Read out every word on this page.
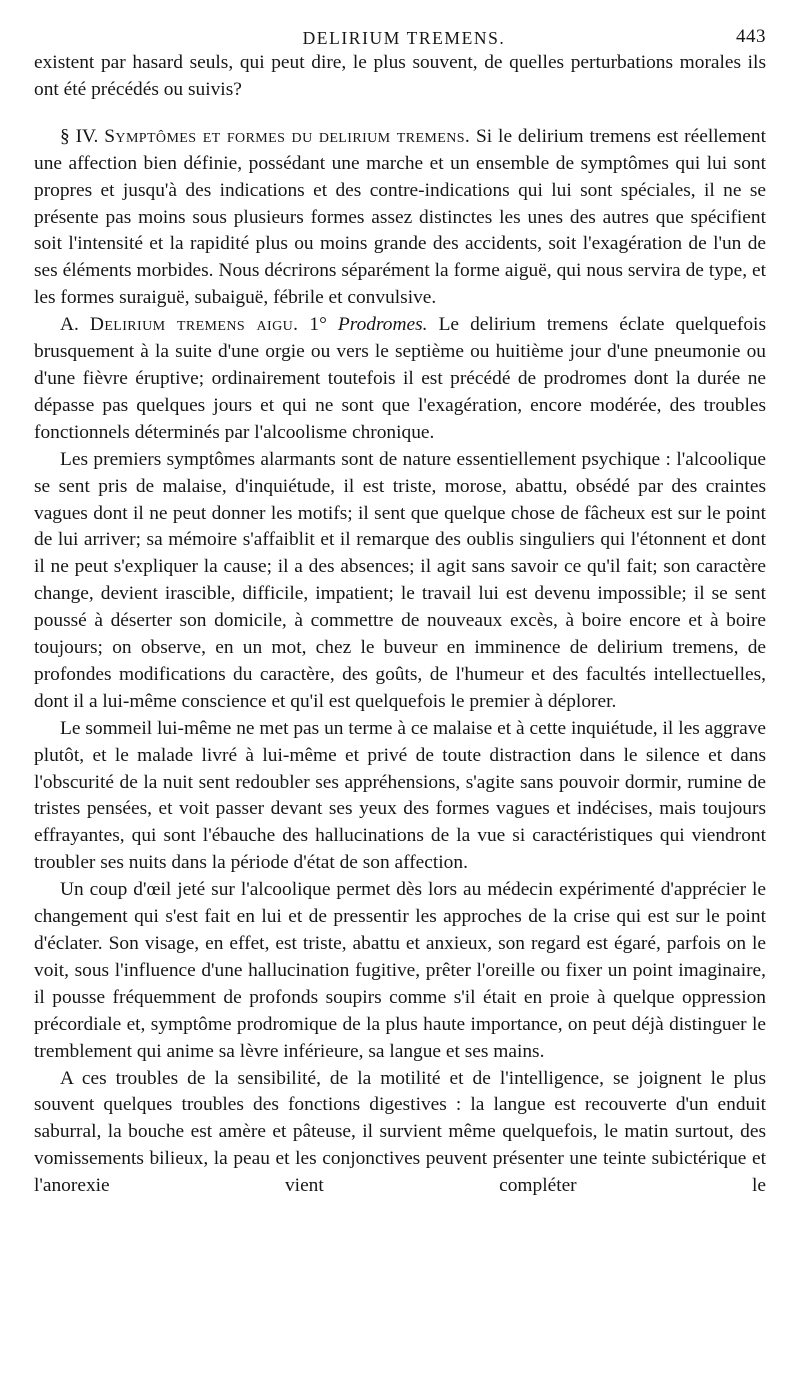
DELIRIUM TREMENS.	443

existent par hasard seuls, qui peut dire, le plus souvent, de quelles perturbations morales ils ont été précédés ou suivis?

§ IV. Symptômes et formes du delirium tremens. Si le delirium tremens est réellement une affection bien définie, possédant une marche et un ensemble de symptômes qui lui sont propres et jusqu'à des indications et des contre-indications qui lui sont spéciales, il ne se présente pas moins sous plusieurs formes assez distinctes les unes des autres que spécifient soit l'intensité et la rapidité plus ou moins grande des accidents, soit l'exagération de l'un de ses éléments morbides. Nous décrirons séparément la forme aiguë, qui nous servira de type, et les formes suraiguë, subaiguë, fébrile et convulsive.

A. Delirium tremens aigu. 1° Prodromes. Le delirium tremens éclate quelquefois brusquement à la suite d'une orgie ou vers le septième ou huitième jour d'une pneumonie ou d'une fièvre éruptive; ordinairement toutefois il est précédé de prodromes dont la durée ne dépasse pas quelques jours et qui ne sont que l'exagération, encore modérée, des troubles fonctionnels déterminés par l'alcoolisme chronique.

Les premiers symptômes alarmants sont de nature essentiellement psychique : l'alcoolique se sent pris de malaise, d'inquiétude, il est triste, morose, abattu, obsédé par des craintes vagues dont il ne peut donner les motifs; il sent que quelque chose de fâcheux est sur le point de lui arriver; sa mémoire s'affaiblit et il remarque des oublis singuliers qui l'étonnent et dont il ne peut s'expliquer la cause; il a des absences; il agit sans savoir ce qu'il fait; son caractère change, devient irascible, difficile, impatient; le travail lui est devenu impossible; il se sent poussé à déserter son domicile, à commettre de nouveaux excès, à boire encore et à boire toujours; on observe, en un mot, chez le buveur en imminence de delirium tremens, de profondes modifications du caractère, des goûts, de l'humeur et des facultés intellectuelles, dont il a lui-même conscience et qu'il est quelquefois le premier à déplorer.

Le sommeil lui-même ne met pas un terme à ce malaise et à cette inquiétude, il les aggrave plutôt, et le malade livré à lui-même et privé de toute distraction dans le silence et dans l'obscurité de la nuit sent redoubler ses appréhensions, s'agite sans pouvoir dormir, rumine de tristes pensées, et voit passer devant ses yeux des formes vagues et indécises, mais toujours effrayantes, qui sont l'ébauche des hallucinations de la vue si caractéristiques qui viendront troubler ses nuits dans la période d'état de son affection.

Un coup d'œil jeté sur l'alcoolique permet dès lors au médecin expérimenté d'apprécier le changement qui s'est fait en lui et de pressentir les approches de la crise qui est sur le point d'éclater. Son visage, en effet, est triste, abattu et anxieux, son regard est égaré, parfois on le voit, sous l'influence d'une hallucination fugitive, prêter l'oreille ou fixer un point imaginaire, il pousse fréquemment de profonds soupirs comme s'il était en proie à quelque oppression précordiale et, symptôme prodromique de la plus haute importance, on peut déjà distinguer le tremblement qui anime sa lèvre inférieure, sa langue et ses mains.

A ces troubles de la sensibilité, de la motilité et de l'intelligence, se joignent le plus souvent quelques troubles des fonctions digestives : la langue est recouverte d'un enduit saburral, la bouche est amère et pâteuse, il survient même quelquefois, le matin surtout, des vomissements bilieux, la peau et les conjonctives peuvent présenter une teinte subictérique et l'anorexie vient compléter le
